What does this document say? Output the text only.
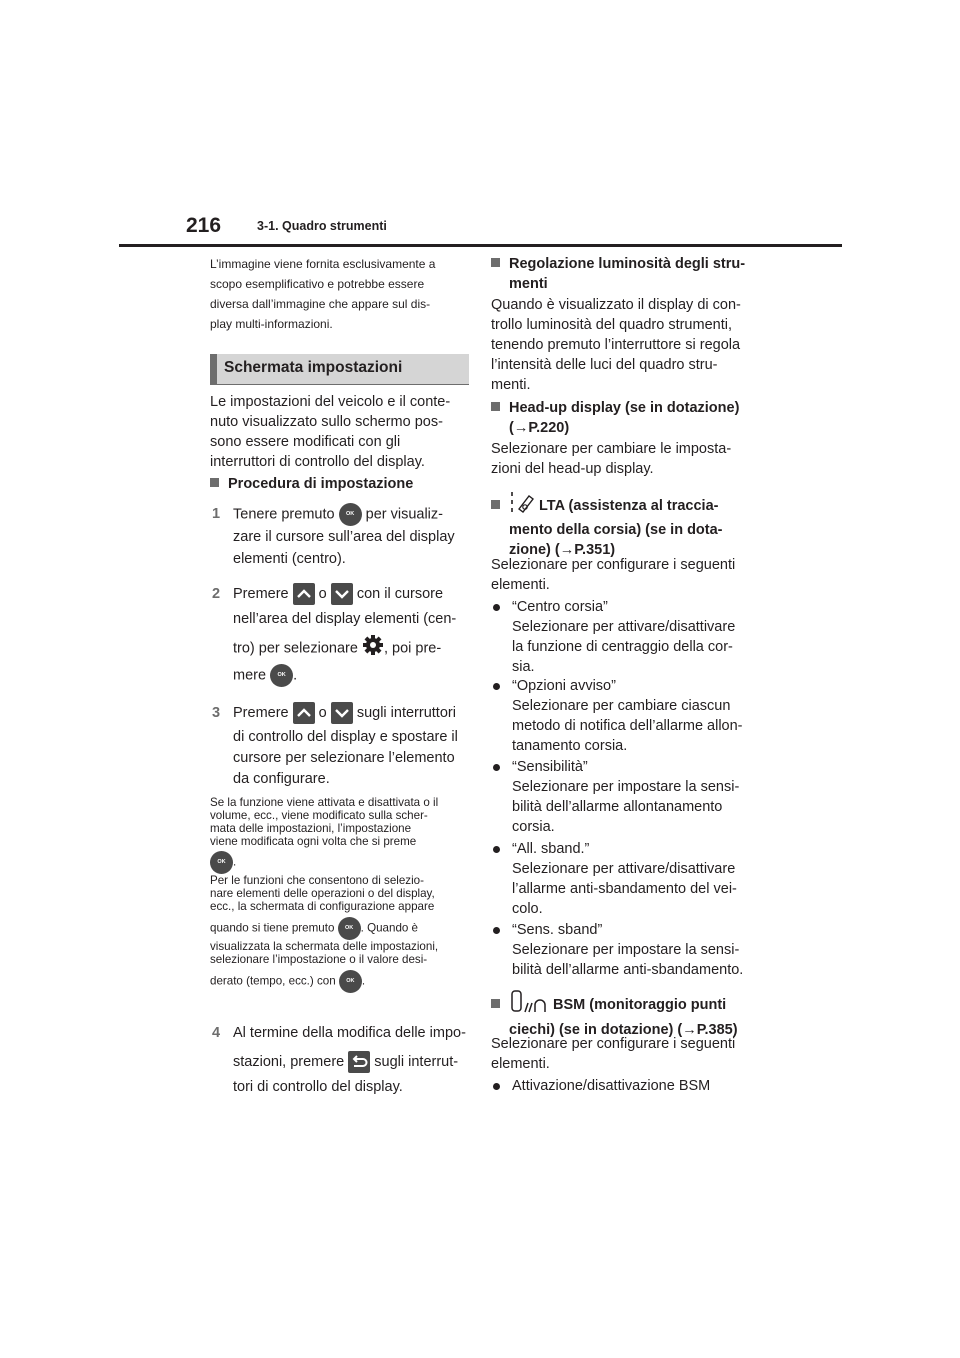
216	3-1. Quadro strumenti
L’immagine viene fornita esclusivamente a
scopo esemplificativo e potrebbe essere
diversa dall’immagine che appare sul dis-
play multi-informazioni.
Schermata impostazioni
Le impostazioni del veicolo e il conte-
nuto visualizzato sullo schermo pos-
sono essere modificati con gli
interruttori di controllo del display.
Procedura di impostazione
1 Tenere premuto OK per visualiz-
zare il cursore sull’area del display
elementi (centro).
2 Premere o con il cursore
nell’area del display elementi (cen-
tro) per selezionare , poi pre-
mere OK .
3 Premere o sugli interruttori
di controllo del display e spostare il
cursore per selezionare l’elemento
da configurare.
Se la funzione viene attivata e disattivata o il
volume, ecc., viene modificato sulla scher-
mata delle impostazioni, l’impostazione
viene modificata ogni volta che si preme
OK .
Per le funzioni che consentono di selezio-
nare elementi delle operazioni o del display,
ecc., la schermata di configurazione appare
quando si tiene premuto OK . Quando è
visualizzata la schermata delle impostazioni,
selezionare l’impostazione o il valore desi-
derato (tempo, ecc.) con OK .
4 Al termine della modifica delle impo-
stazioni, premere sugli interrut-
tori di controllo del display.
Regolazione luminosità degli stru-
menti
Quando è visualizzato il display di con-
trollo luminosità del quadro strumenti,
tenendo premuto l’interruttore si regola
l’intensità delle luci del quadro stru-
menti.
Head-up display (se in dotazione)
(→P.220)
Selezionare per cambiare le imposta-
zioni del head-up display.
LTA (assistenza al traccia-
mento della corsia) (se in dota-
zione) (→P.351)
Selezionare per configurare i seguenti
elementi.
“Centro corsia”
Selezionare per attivare/disattivare
la funzione di centraggio della cor-
sia.
“Opzioni avviso”
Selezionare per cambiare ciascun
metodo di notifica dell’allarme allon-
tanamento corsia.
“Sensibilità”
Selezionare per impostare la sensi-
bilità dell’allarme allontanamento
corsia.
“All. sband.”
Selezionare per attivare/disattivare
l’allarme anti-sbandamento del vei-
colo.
“Sens. sband”
Selezionare per impostare la sensi-
bilità dell’allarme anti-sbandamento.
BSM (monitoraggio punti
ciechi) (se in dotazione) (→P.385)
Selezionare per configurare i seguenti
elementi.
Attivazione/disattivazione BSM
